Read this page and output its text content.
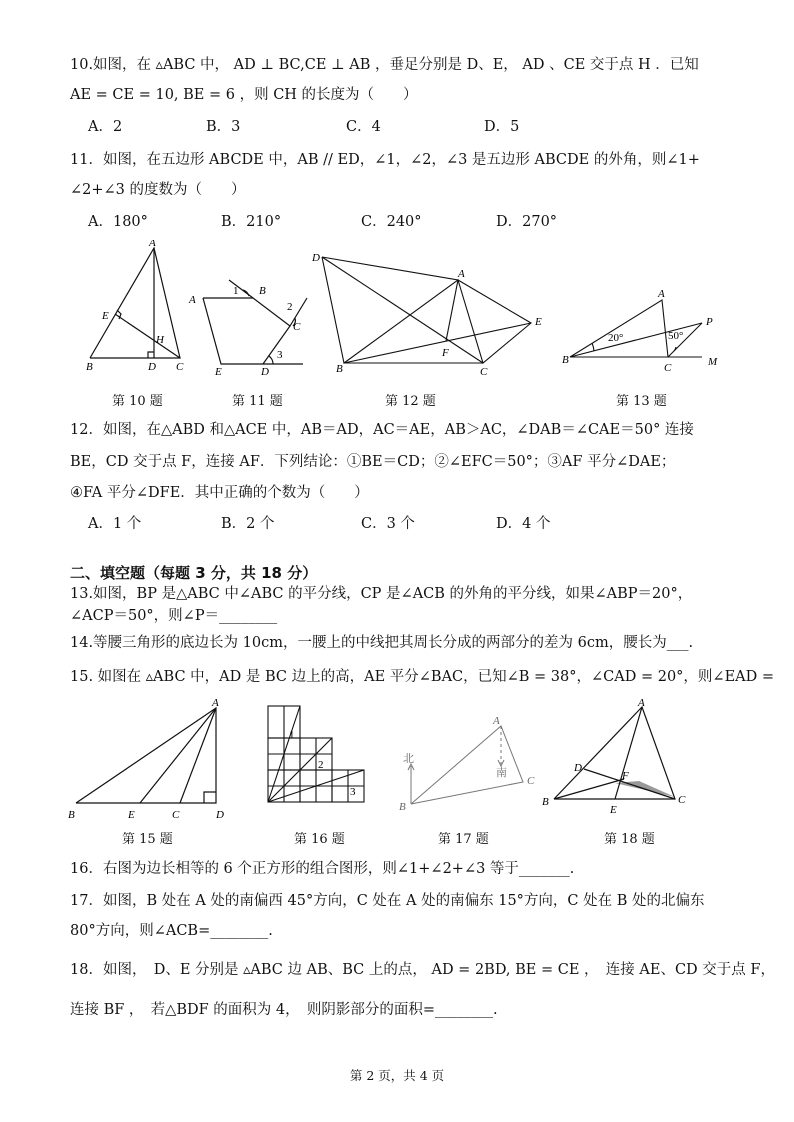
10.如图，在 ▵ABC 中， AD ⊥ BC,CE ⊥ AB ，垂足分别是 D、E， AD 、CE 交于点 H ．已知
AE = CE = 10, BE = 6 ，则 CH 的长度为（　　）
A．2	B．3	C．4	D．5
11．如图，在五边形 ABCDE 中，AB // ED，∠1，∠2，∠3 是五边形 ABCDE 的外角，则∠1+
∠2+∠3 的度数为（　　）
A．180°	B．210°	C．240°	D．270°
A
B	C
D
E
H
A
B
C
D
E
1
2
3
D
A
B	C
E
F
20°	50°
A
B
C
P
M
第 10 题	第 11 题	第 12 题	第 13 题
12．如图，在△ABD 和△ACE 中，AB＝AD，AC＝AE，AB＞AC，∠DAB＝∠CAE＝50° 连接
BE，CD 交于点 F，连接 AF．下列结论：①BE＝CD；②∠EFC＝50°；③AF 平分∠DAE；
④FA 平分∠DFE．其中正确的个数为（　　）
A．1 个	B．2 个	C．3 个	D．4 个
二、填空题（每题 3 分，共 18 分）
13.如图，BP 是△ABC 中∠ABC 的平分线，CP 是∠ACB 的外角的平分线，如果∠ABP＝20°，
∠ACP＝50°，则∠P＝________
14.等腰三角形的底边长为 10cm，一腰上的中线把其周长分成的两部分的差为 6cm，腰长为___.
15. 如图在 ▵ABC 中，AD 是 BC 边上的高，AE 平分∠BAC，已知∠B = 38°，∠CAD = 20°，则∠EAD =
A
B	E	C	D
1
2
3
A
B
C
北
南
A
B	C
D
E
F
第 15 题	第 16 题	第 17 题	第 18 题
16．右图为边长相等的 6 个正方形的组合图形，则∠1+∠2+∠3 等于_______.
17．如图，B 处在 A 处的南偏西 45°方向，C 处在 A 处的南偏东 15°方向，C 处在 B 处的北偏东
80°方向，则∠ACB=________.
18．如图，　D、E 分别是 ▵ABC 边 AB、BC 上的点， AD = 2BD, BE = CE ，　连接 AE、CD 交于点 F，
连接 BF ，　若△BDF 的面积为 4，　则阴影部分的面积=________.
第 2 页，共 4 页
